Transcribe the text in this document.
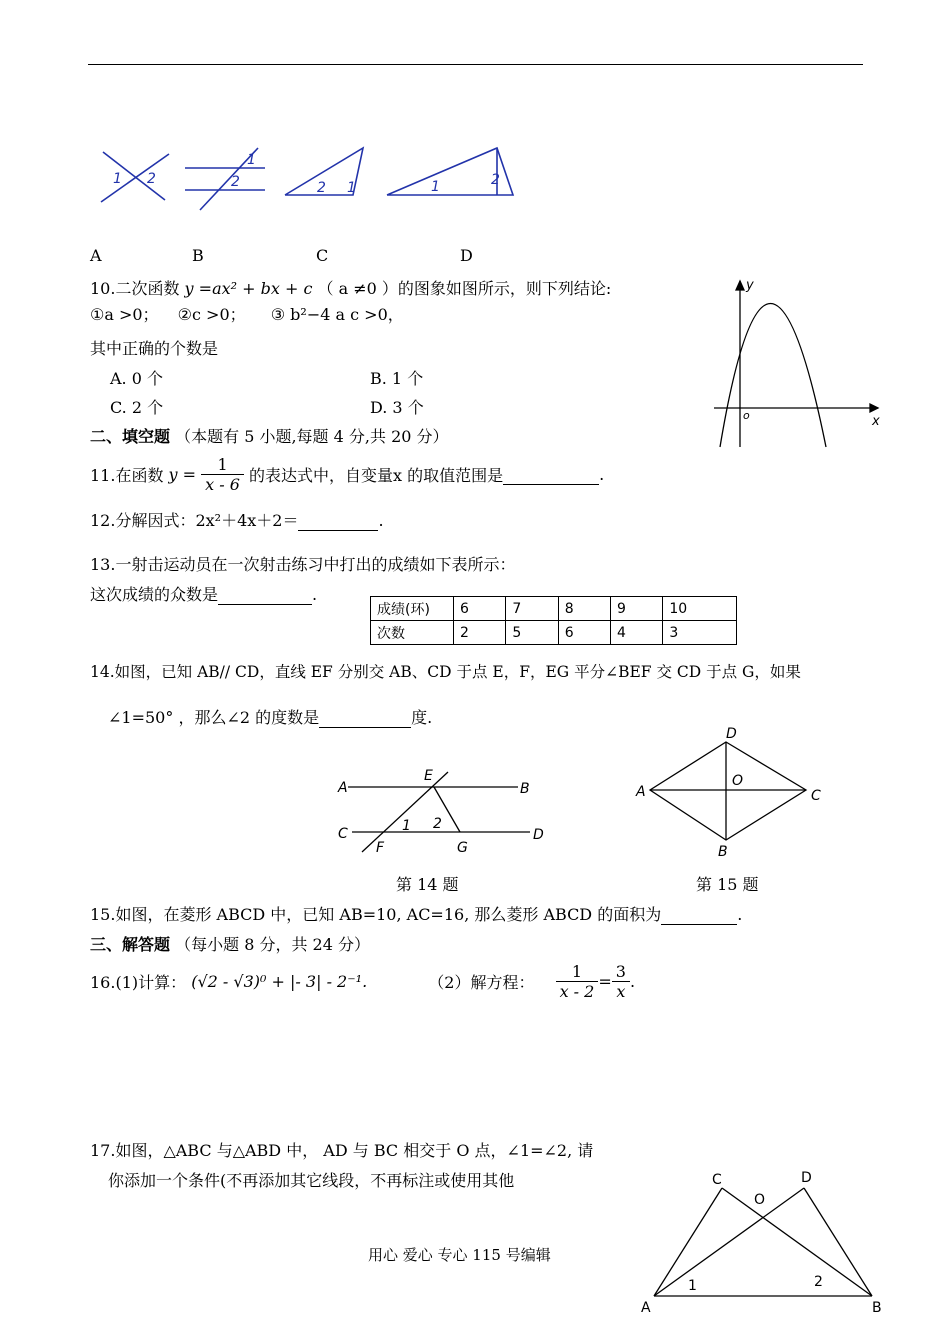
1 2
1
2	2 1	1	2
A	B	C	D
10.二次函数 y =ax² + bx + c （ a ≠0 ）的图象如图所示，则下列结论:
①a >0； ②c >0； ③ b²−4 a c >0，
其中正确的个数是
A. 0 个	B. 1 个
C. 2 个	D. 3 个
y
x
o
二、填空题 （本题有 5 小题,每题 4 分,共 20 分）
11.在函数 $y = \frac{1}{x - 6}$ 的表达式中，自变量x 的取值范围是	.
12.分解因式：2x²＋4x＋2＝	.
13.一射击运动员在一次射击练习中打出的成绩如下表所示：
这次成绩的众数是	.
成绩(环)	6	7	8	9	10
次数	2	5	6	4	3
14.如图，已知 AB// CD，直线 EF 分别交 AB、CD 于点 E，F，EG 平分∠BEF 交 CD 于点 G，如果
∠1=50° ，那么∠2 的度数是	度.
A	B
C	D
E
F	G
1 2
第 14 题
D
A	C
B
O
第 15 题
15.如图，在菱形 ABCD 中，已知 AB=10, AC=16, 那么菱形 ABCD 的面积为	.
三、解答题 （每小题 8 分，共 24 分）
16.(1)计算： (√2 - √3)⁰ + |- 3| - 2⁻¹.	（2）解方程： $\frac{1}{x - 2} = \frac{3}{x}$ .
17.如图，△ABC 与△ABD 中， AD 与 BC 相交于 O 点，∠1=∠2, 请
你添加一个条件(不再添加其它线段，不再标注或使用其他	C	D
O
A	B
1	2
用心 爱心 专心 115 号编辑
